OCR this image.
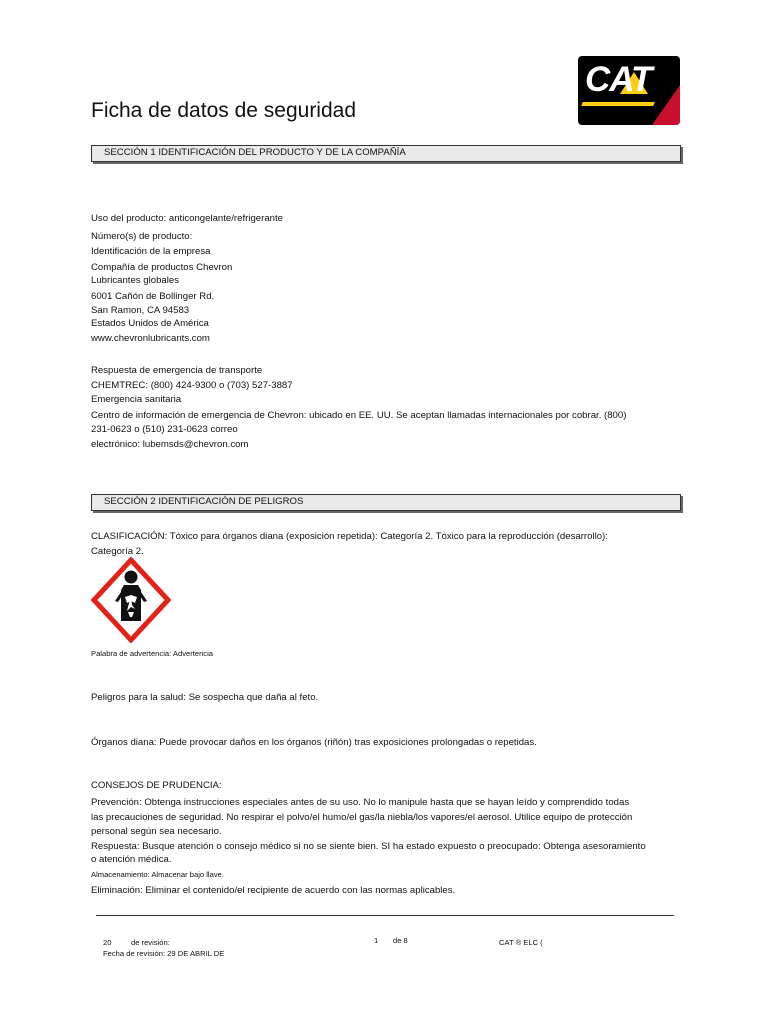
CAT
Ficha de datos de seguridad
SECCIÓN 1 IDENTIFICACIÓN DEL PRODUCTO Y DE LA COMPAÑÍA
Uso del producto: anticongelante/refrigerante
Número(s) de producto:
Identificación de la empresa
Compañía de productos Chevron
Lubricantes globales
6001 Cañón de Bollinger Rd.
San Ramon, CA 94583
Estados Unidos de América
www.chevronlubricants.com
Respuesta de emergencia de transporte
CHEMTREC: (800) 424-9300 o (703) 527-3887
Emergencia sanitaria
Centro de información de emergencia de Chevron: ubicado en EE. UU. Se aceptan llamadas internacionales por cobrar. (800)
231-0623 o (510) 231-0623 correo
electrónico: lubemsds@chevron.com
SECCIÓN 2 IDENTIFICACIÓN DE PELIGROS
CLASIFICACIÓN: Tóxico para órganos diana (exposición repetida): Categoría 2. Tóxico para la reproducción (desarrollo):
Categoría 2.
Palabra de advertencia: Advertencia
Peligros para la salud: Se sospecha que daña al feto.
Órganos diana: Puede provocar daños en los órganos (riñón) tras exposiciones prolongadas o repetidas.
CONSEJOS DE PRUDENCIA:
Prevención: Obtenga instrucciones especiales antes de su uso. No lo manipule hasta que se hayan leído y comprendido todas
las precauciones de seguridad. No respirar el polvo/el humo/el gas/la niebla/los vapores/el aerosol. Utilice equipo de protección
personal según sea necesario.
Respuesta: Busque atención o consejo médico si no se siente bien. SI ha estado expuesto o preocupado: Obtenga asesoramiento
o atención médica.
Almacenamiento: Almacenar bajo llave.
Eliminación: Eliminar el contenido/el recipiente de acuerdo con las normas aplicables.
20	de revisión:
Fecha de revisión: 29 DE ABRIL DE
1 de 8	CAT ® ELC (
